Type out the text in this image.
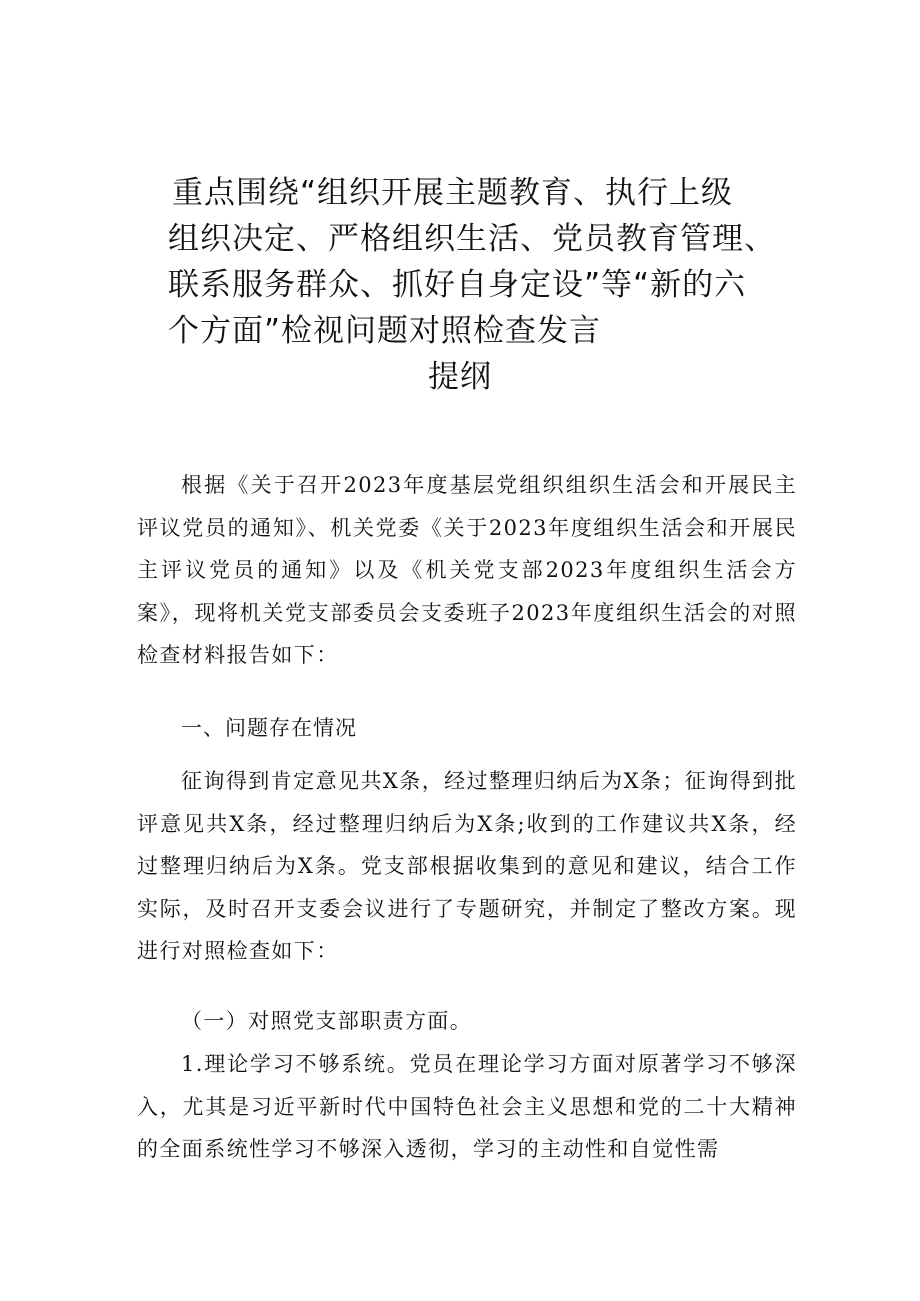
重点围绕“组织开展主题教育、执行上级
组织决定、严格组织生活、党员教育管理、
联系服务群众、抓好自身定设”等“新的六
个方面”检视问题对照检查发言
提纲

根据《关于召开2023年度基层党组织组织生活会和开展民主评议党员的通知》、机关党委《关于2023年度组织生活会和开展民主评议党员的通知》以及《机关党支部2023年度组织生活会方案》，现将机关党支部委员会支委班子2023年度组织生活会的对照检查材料报告如下：

一、问题存在情况

征询得到肯定意见共X条，经过整理归纳后为X条；征询得到批评意见共X条，经过整理归纳后为X条;收到的工作建议共X条，经过整理归纳后为X条。党支部根据收集到的意见和建议，结合工作实际，及时召开支委会议进行了专题研究，并制定了整改方案。现进行对照检查如下：

（一）对照党支部职责方面。

1.理论学习不够系统。党员在理论学习方面对原著学习不够深入，尤其是习近平新时代中国特色社会主义思想和党的二十大精神的全面系统性学习不够深入透彻，学习的主动性和自觉性需
